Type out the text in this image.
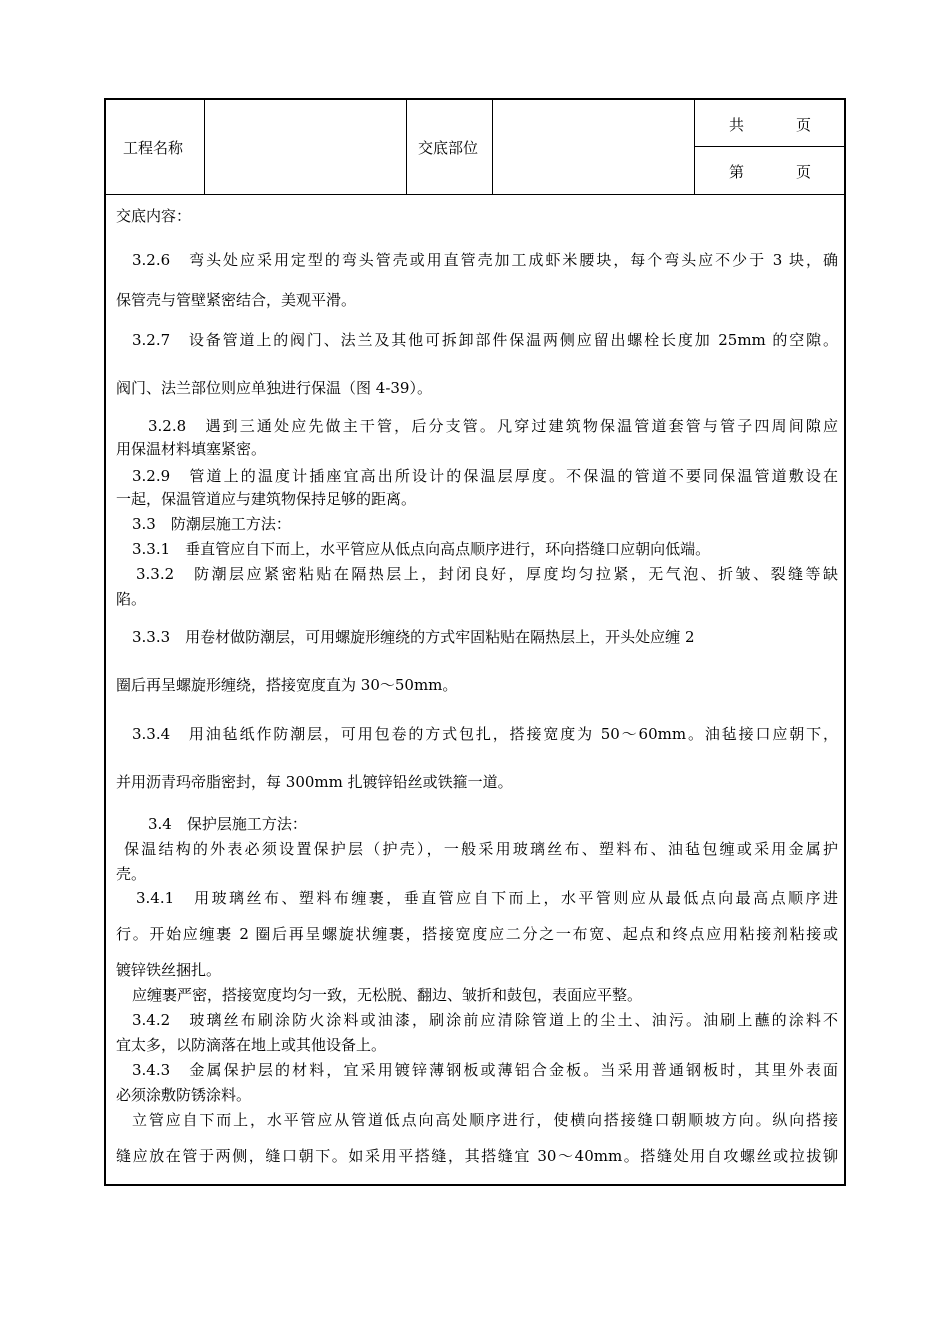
工程名称	交底部位
共	页
第	页
交底内容：
3.2.6　弯头处应采用定型的弯头管壳或用直管壳加工成虾米腰块，每个弯头应不少于 3 块，确
保管壳与管壁紧密结合，美观平滑。
3.2.7　设备管道上的阀门、法兰及其他可拆卸部件保温两侧应留出螺栓长度加 25mm 的空隙。
阀门、法兰部位则应单独进行保温（图 4-39）。
3.2.8　遇到三通处应先做主干管，后分支管。凡穿过建筑物保温管道套管与管子四周间隙应
用保温材料填塞紧密。
3.2.9　管道上的温度计插座宜高出所设计的保温层厚度。不保温的管道不要同保温管道敷设在
一起，保温管道应与建筑物保持足够的距离。
3.3　防潮层施工方法：
3.3.1　垂直管应自下而上，水平管应从低点向高点顺序进行，环向搭缝口应朝向低端。
3.3.2　防潮层应紧密粘贴在隔热层上，封闭良好，厚度均匀拉紧，无气泡、折皱、裂缝等缺
陷。
3.3.3　用卷材做防潮层，可用螺旋形缠绕的方式牢固粘贴在隔热层上，开头处应缠 2
圈后再呈螺旋形缠绕，搭接宽度直为 30～50mm。
3.3.4　用油毡纸作防潮层，可用包卷的方式包扎，搭接宽度为 50～60mm。油毡接口应朝下，
并用沥青玛帝脂密封，每 300mm 扎镀锌铅丝或铁箍一道。
3.4　保护层施工方法：
保温结构的外表必须设置保护层（护壳），一般采用玻璃丝布、塑料布、油毡包缠或采用金属护
壳。
3.4.1　用玻璃丝布、塑料布缠裹，垂直管应自下而上，水平管则应从最低点向最高点顺序进
行。开始应缠裹 2 圈后再呈螺旋状缠裹，搭接宽度应二分之一布宽、起点和终点应用粘接剂粘接或
镀锌铁丝捆扎。
应缠裹严密，搭接宽度均匀一致，无松脱、翻边、皱折和鼓包，表面应平整。
3.4.2　玻璃丝布刷涂防火涂料或油漆，刷涂前应清除管道上的尘土、油污。油刷上蘸的涂料不
宜太多，以防滴落在地上或其他设备上。
3.4.3　金属保护层的材料，宜采用镀锌薄钢板或薄铝合金板。当采用普通钢板时，其里外表面
必须涂敷防锈涂料。
立管应自下而上，水平管应从管道低点向高处顺序进行，使横向搭接缝口朝顺坡方向。纵向搭接
缝应放在管于两侧，缝口朝下。如采用平搭缝，其搭缝宜 30～40mm。搭缝处用自攻螺丝或拉拔铆
